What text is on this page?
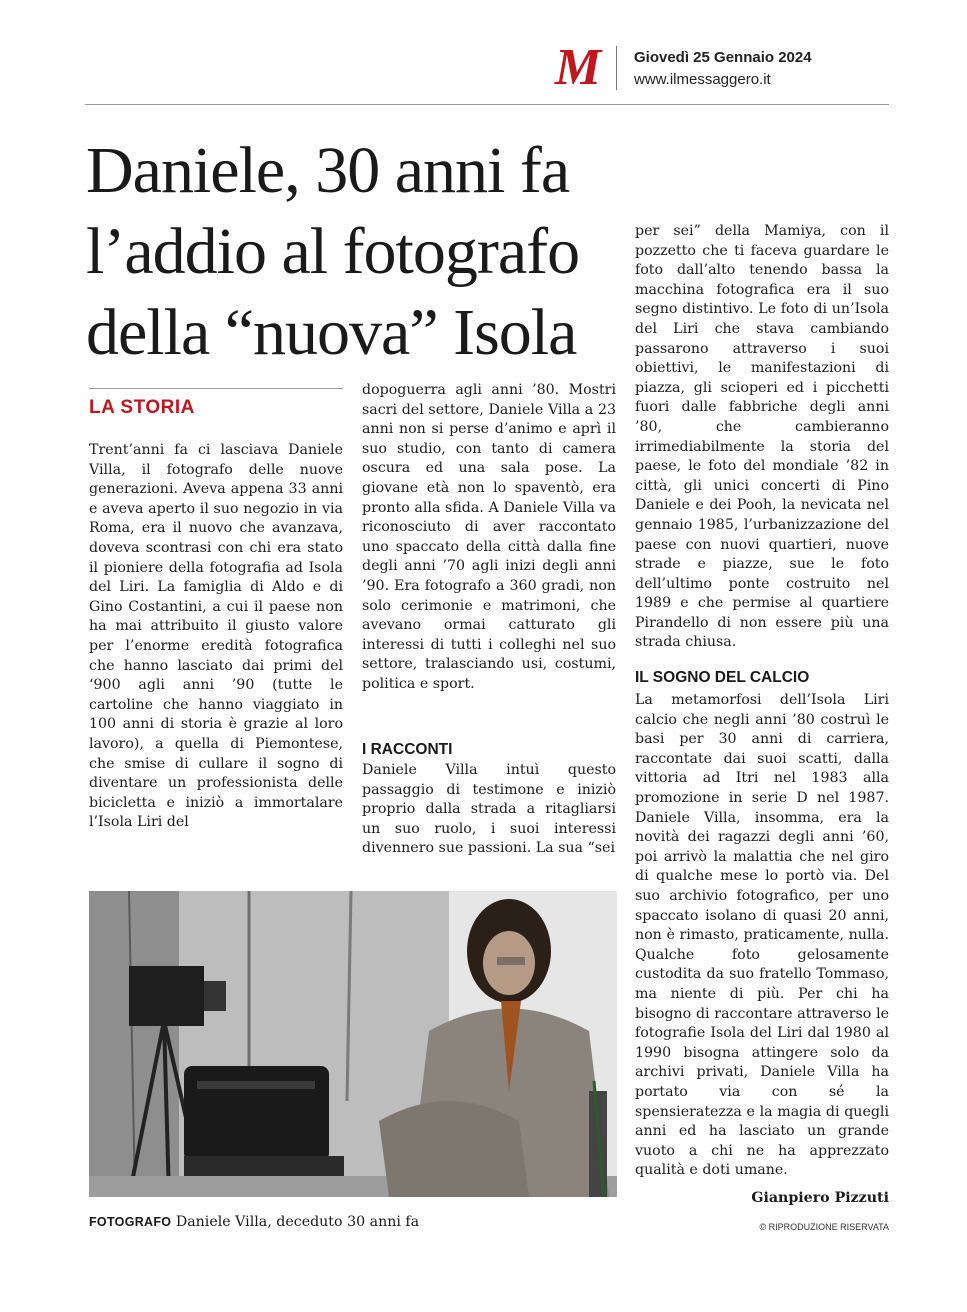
M Giovedì 25 Gennaio 2024
www.ilmessaggero.it
Daniele, 30 anni fa
l’addio al fotografo
della “nuova” Isola
LA STORIA

Trent’anni fa ci lasciava Daniele Villa, il fotografo delle nuove generazioni. Aveva appena 33 anni e aveva aperto il suo negozio in via Roma, era il nuovo che avanzava, doveva scontrasi con chi era stato il pioniere della fotografia ad Isola del Liri. La famiglia di Aldo e di Gino Costantini, a cui il paese non ha mai attribuito il giusto valore per l’enorme eredità fotografica che hanno lasciato dai primi del ‘900 agli anni ’90 (tutte le cartoline che hanno viaggiato in 100 anni di storia è grazie al loro lavoro), a quella di Piemontese, che smise di cullare il sogno di diventare un professionista delle bicicletta e iniziò a immortalare l’Isola Liri del

dopoguerra agli anni ’80. Mostri sacri del settore, Daniele Villa a 23 anni non si perse d’animo e aprì il suo studio, con tanto di camera oscura ed una sala pose. La giovane età non lo spaventò, era pronto alla sfida. A Daniele Villa va riconosciuto di aver raccontato uno spaccato della città dalla fine degli anni ’70 agli inizi degli anni ’90. Era fotografo a 360 gradi, non solo cerimonie e matrimoni, che avevano ormai catturato gli interessi di tutti i colleghi nel suo settore, tralasciando usi, costumi, politica e sport.

I RACCONTI

Daniele Villa intuì questo passaggio di testimone e iniziò proprio dalla strada a ritagliarsi un suo ruolo, i suoi interessi divennero sue passioni. La sua “sei

per sei” della Mamiya, con il pozzetto che ti faceva guardare le foto dall’alto tenendo bassa la macchina fotografica era il suo segno distintivo. Le foto di un’Isola del Liri che stava cambiando passarono attraverso i suoi obiettivi, le manifestazioni di piazza, gli scioperi ed i picchetti fuori dalle fabbriche degli anni ’80, che cambieranno irrimediabilmente la storia del paese, le foto del mondiale ’82 in città, gli unici concerti di Pino Daniele e dei Pooh, la nevicata nel gennaio 1985, l’urbanizzazione del paese con nuovi quartieri, nuove strade e piazze, sue le foto dell’ultimo ponte costruito nel 1989 e che permise al quartiere Pirandello di non essere più una strada chiusa.

IL SOGNO DEL CALCIO

La metamorfosi dell’Isola Liri calcio che negli anni ’80 costruì le basi per 30 anni di carriera, raccontate dai suoi scatti, dalla vittoria ad Itri nel 1983 alla promozione in serie D nel 1987. Daniele Villa, insomma, era la novità dei ragazzi degli anni ’60, poi arrivò la malattia che nel giro di qualche mese lo portò via. Del suo archivio fotografico, per uno spaccato isolano di quasi 20 anni, non è rimasto, praticamente, nulla. Qualche foto gelosamente custodita da suo fratello Tommaso, ma niente di più. Per chi ha bisogno di raccontare attraverso le fotografie Isola del Liri dal 1980 al 1990 bisogna attingere solo da archivi privati, Daniele Villa ha portato via con sé la spensieratezza e la magia di quegli anni ed ha lasciato un grande vuoto a chi ne ha apprezzato qualità e doti umane.

Gianpiero Pizzuti

© RIPRODUZIONE RISERVATA
FOTOGRAFO Daniele Villa, deceduto 30 anni fa
